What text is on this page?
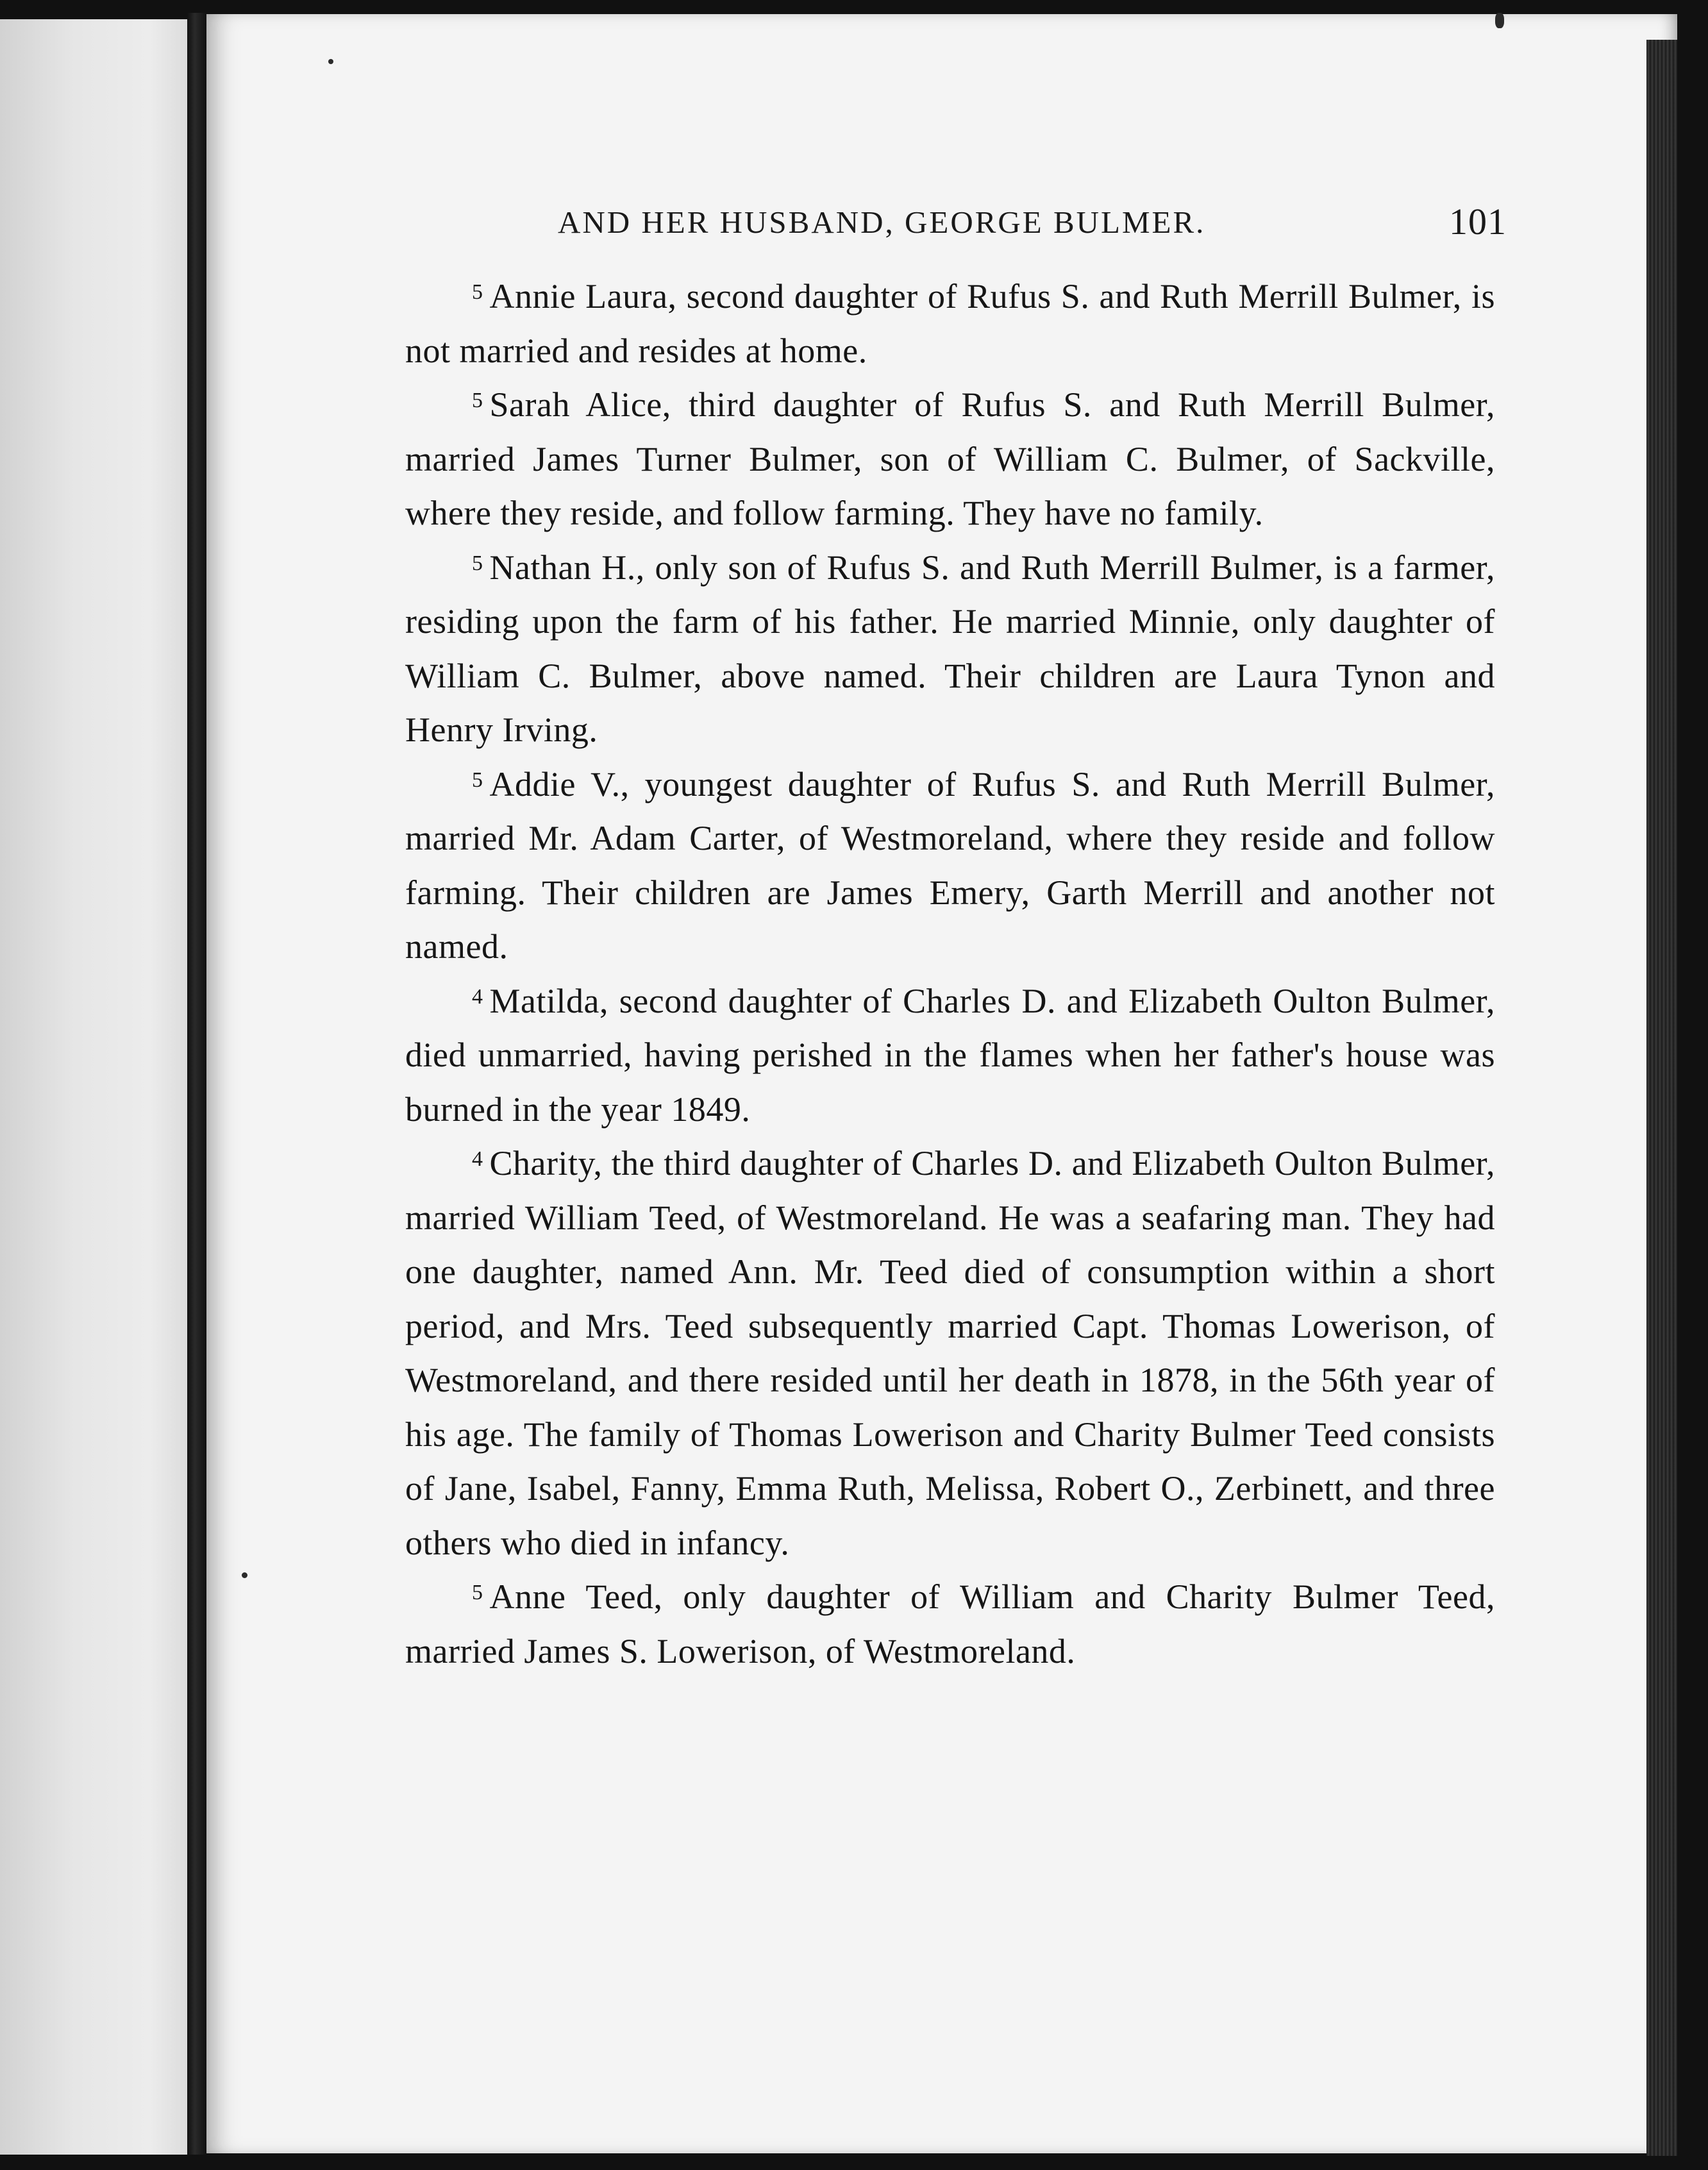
AND HER HUSBAND, GEORGE BULMER.	101

$^5$ Annie Laura, second daughter of Rufus S. and Ruth Merrill Bulmer, is not married and resides at home.

$^5$ Sarah Alice, third daughter of Rufus S. and Ruth Merrill Bulmer, married James Turner Bulmer, son of William C. Bulmer, of Sackville, where they reside, and follow farming. They have no family.

$^5$ Nathan H., only son of Rufus S. and Ruth Merrill Bulmer, is a farmer, residing upon the farm of his father. He married Minnie, only daughter of William C. Bulmer, above named. Their children are Laura Tynon and Henry Irving.

$^5$ Addie V., youngest daughter of Rufus S. and Ruth Merrill Bulmer, married Mr. Adam Carter, of Westmoreland, where they reside and follow farming. Their children are James Emery, Garth Merrill and another not named.

$^4$ Matilda, second daughter of Charles D. and Elizabeth Oulton Bulmer, died unmarried, having perished in the flames when her father's house was burned in the year 1849.

$^4$ Charity, the third daughter of Charles D. and Elizabeth Oulton Bulmer, married William Teed, of Westmoreland. He was a seafaring man. They had one daughter, named Ann. Mr. Teed died of consumption within a short period, and Mrs. Teed subsequently married Capt. Thomas Lowerison, of Westmoreland, and there resided until her death in 1878, in the 56th year of his age. The family of Thomas Lowerison and Charity Bulmer Teed consists of Jane, Isabel, Fanny, Emma Ruth, Melissa, Robert O., Zerbinett, and three others who died in infancy.

$^5$ Anne Teed, only daughter of William and Charity Bulmer Teed, married James S. Lowerison, of Westmoreland.
